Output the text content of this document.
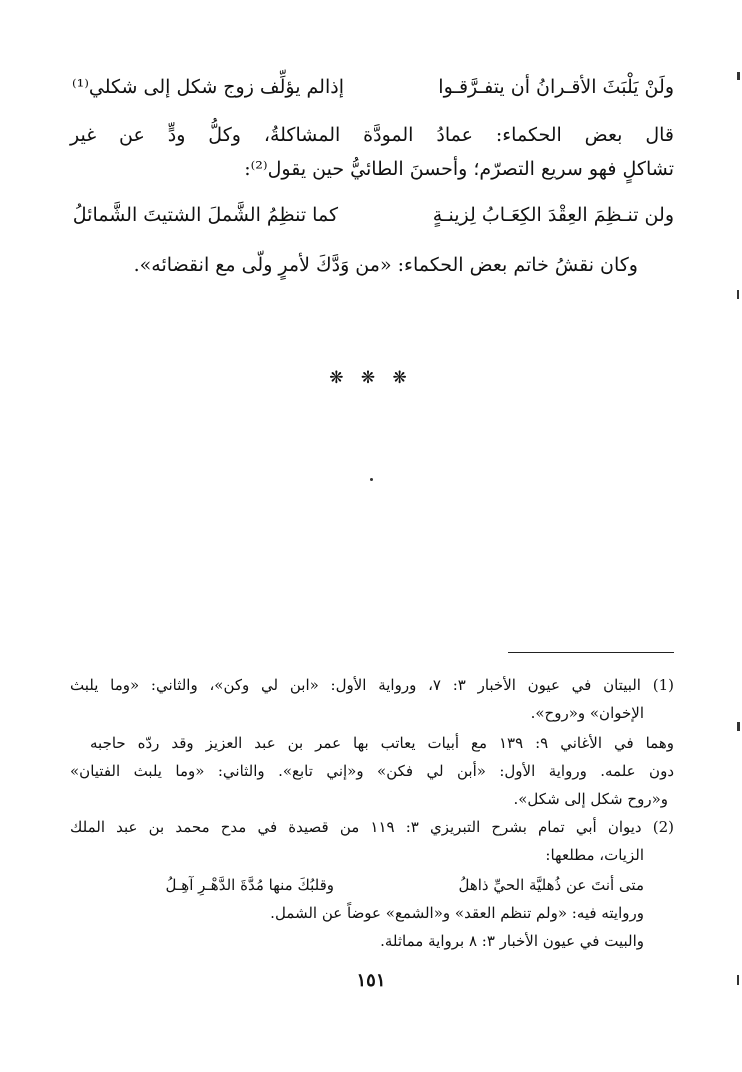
ولَنْ يَلْبَثَ الأقـرانُ أن يتفـرَّقـوا
إذالم يؤلِّف زوج شكل إلى شكلي⁽¹⁾
قال بعض الحكماء: عمادُ المودَّة المشاكلةُ، وكلُّ ودٍّ عن غير
تشاكلٍ فهو سريع التصرّم؛ وأحسنَ الطائيُّ حين يقول⁽²⁾:
ولن تنـظِمَ العِقْدَ الكِعَـابُ لِزينـةٍ
كما تنظِمُ الشَّملَ الشتيتَ الشَّمائلُ
وكان نقشُ خاتم بعض الحكماء: «من وَدَّكَ لأمرٍ ولّى مع انقضائه».
❋ ❋ ❋
(1) البيتان في عيون الأخبار ٣: ٧، ورواية الأول: «ابن لي وكن»، والثاني: «وما يلبث
الإخوان» و«روح».
وهما في الأغاني ٩: ١٣٩ مع أبيات يعاتب بها عمر بن عبد العزيز وقد ردّه حاجبه
دون علمه. ورواية الأول: «أبن لي فكن» و«إني تابع». والثاني: «وما يلبث الفتيان»
و«روح شكل إلى شكل».
(2) ديوان أبي تمام بشرح التبريزي ٣: ١١٩ من قصيدة في مدح محمد بن عبد الملك
الزيات، مطلعها:
متى أنتَ عن ذُهليَّة الحيِّ ذاهلُ
وقلبُكَ منها مُدَّةَ الدَّهْـرِ آهِـلُ
وروايته فيه: «ولم تنظم العقد» و«الشمع» عوضاً عن الشمل.
والبيت في عيون الأخبار ٣: ٨ برواية مماثلة.
١٥١
